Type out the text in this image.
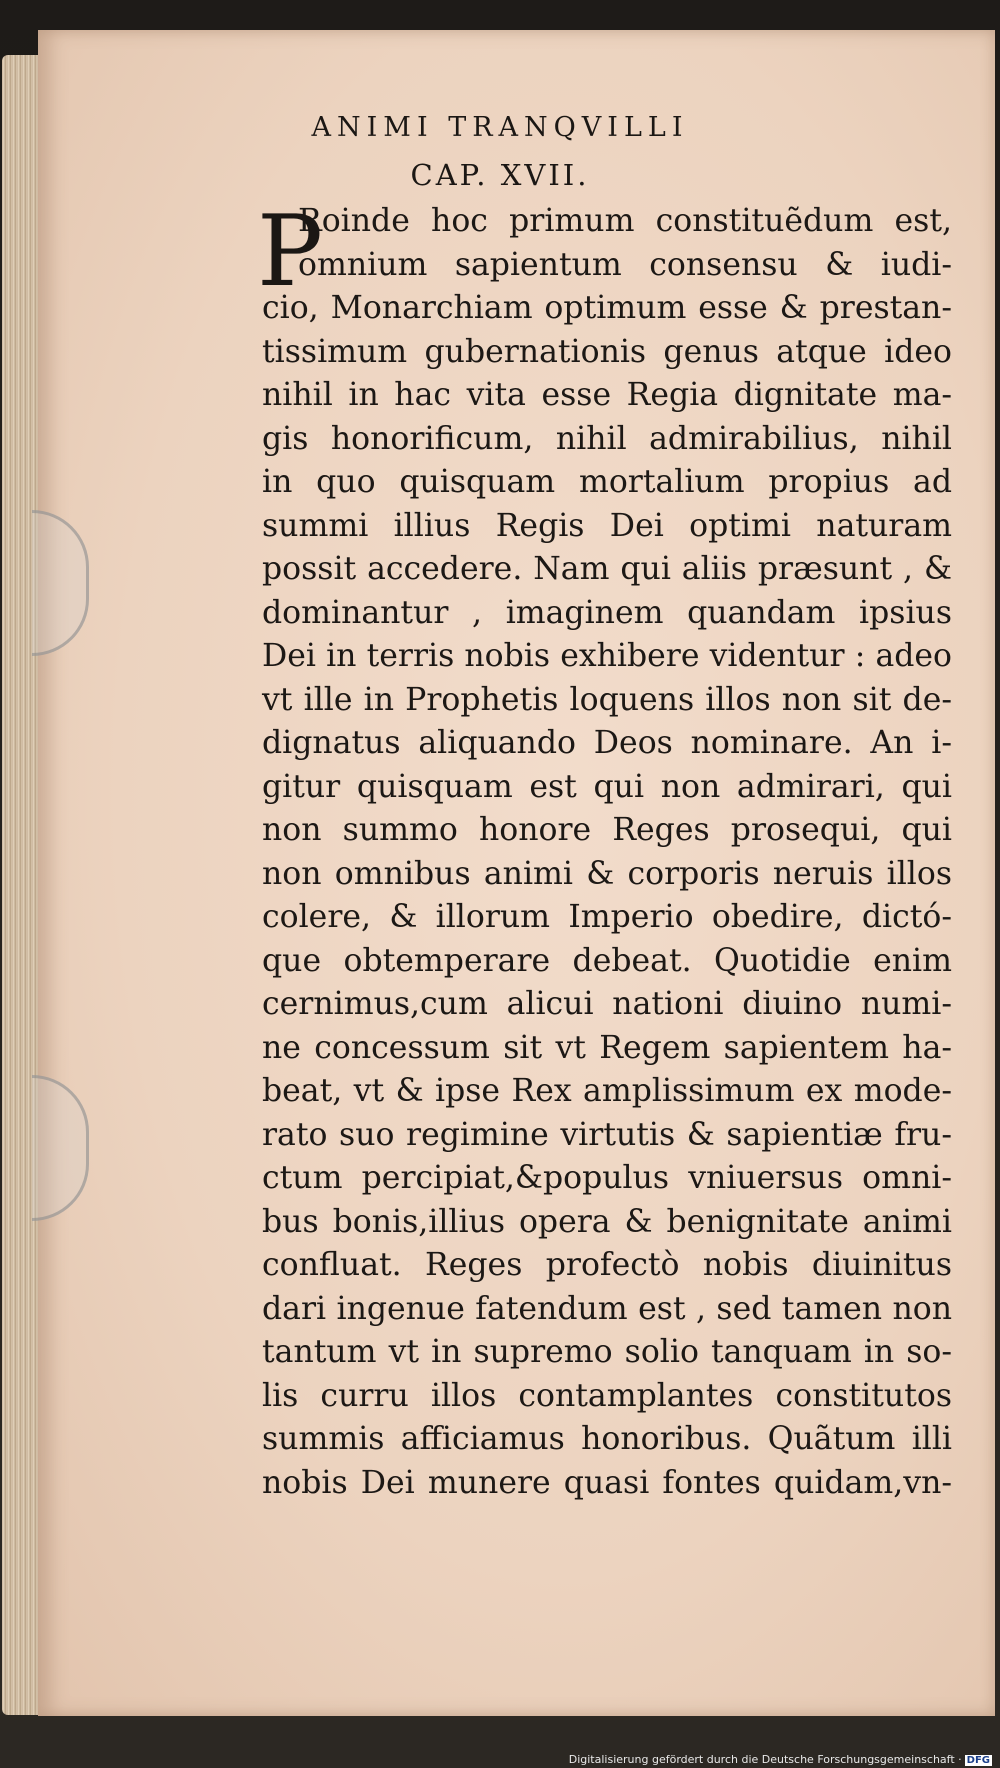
ANIMI TRANQVILLI
CAP. XVII.
P
Roinde hoc primum constituẽdum est,
omnium sapientum consensu & iudi-
cio, Monarchiam optimum esse & prestan-
tissimum gubernationis genus atque ideo
nihil in hac vita esse Regia dignitate ma-
gis honorificum, nihil admirabilius, nihil
in quo quisquam mortalium propius ad
summi illius Regis Dei optimi naturam
possit accedere. Nam qui aliis præsunt , &
dominantur , imaginem quandam ipsius
Dei in terris nobis exhibere videntur : adeo
vt ille in Prophetis loquens illos non sit de-
dignatus aliquando Deos nominare. An i-
gitur quisquam est qui non admirari, qui
non summo honore Reges prosequi, qui
non omnibus animi & corporis neruis illos
colere, & illorum Imperio obedire, dictó-
que obtemperare debeat. Quotidie enim
cernimus,cum alicui nationi diuino numi-
ne concessum sit vt Regem sapientem ha-
beat, vt & ipse Rex amplissimum ex mode-
rato suo regimine virtutis & sapientiæ fru-
ctum percipiat,&populus vniuersus omni-
bus bonis,illius opera & benignitate animi
confluat. Reges profectò nobis diuinitus
dari ingenue fatendum est , sed tamen non
tantum vt in supremo solio tanquam in so-
lis curru illos contamplantes constitutos
summis afficiamus honoribus. Quãtum illi
nobis Dei munere quasi fontes quidam,vn-
Digitalisierung gefördert durch die Deutsche Forschungsgemeinschaft · DFG
